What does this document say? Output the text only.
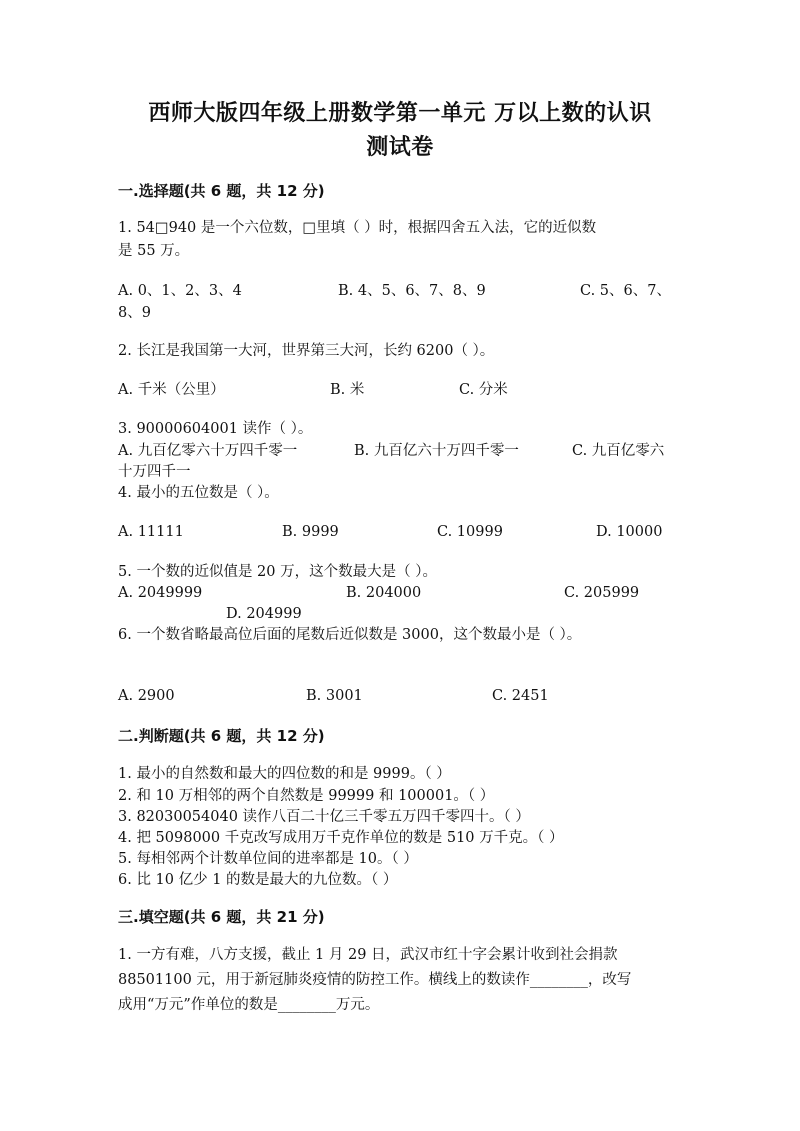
西师大版四年级上册数学第一单元 万以上数的认识
测试卷
一.选择题(共 6 题，共 12 分)
1. 54□940 是一个六位数，□里填（ ）时，根据四舍五入法，它的近似数
是 55 万。
A. 0、1、2、3、4	B. 4、5、6、7、8、9	C. 5、6、7、
8、9
2. 长江是我国第一大河，世界第三大河，长约 6200（ ）。
A. 千米（公里）	B. 米	C. 分米
3. 90000604001 读作（ ）。
A. 九百亿零六十万四千零一	B. 九百亿六十万四千零一	C. 九百亿零六
十万四千一
4. 最小的五位数是（ ）。
A. 11111	B. 9999	C. 10999	D. 10000
5. 一个数的近似值是 20 万，这个数最大是（ ）。
A. 2049999	B. 204000	C. 205999
D. 204999
6. 一个数省略最高位后面的尾数后近似数是 3000，这个数最小是（ ）。
A. 2900	B. 3001	C. 2451
二.判断题(共 6 题，共 12 分)
1. 最小的自然数和最大的四位数的和是 9999。（ ）
2. 和 10 万相邻的两个自然数是 99999 和 100001。（ ）
3. 82030054040 读作八百二十亿三千零五万四千零四十。（ ）
4. 把 5098000 千克改写成用万千克作单位的数是 510 万千克。（ ）
5. 每相邻两个计数单位间的进率都是 10。（ ）
6. 比 10 亿少 1 的数是最大的九位数。（ ）
三.填空题(共 6 题，共 21 分)
1. 一方有难，八方支援，截止 1 月 29 日，武汉市红十字会累计收到社会捐款
88501100 元，用于新冠肺炎疫情的防控工作。横线上的数读作________，改写
成用“万元”作单位的数是________万元。
